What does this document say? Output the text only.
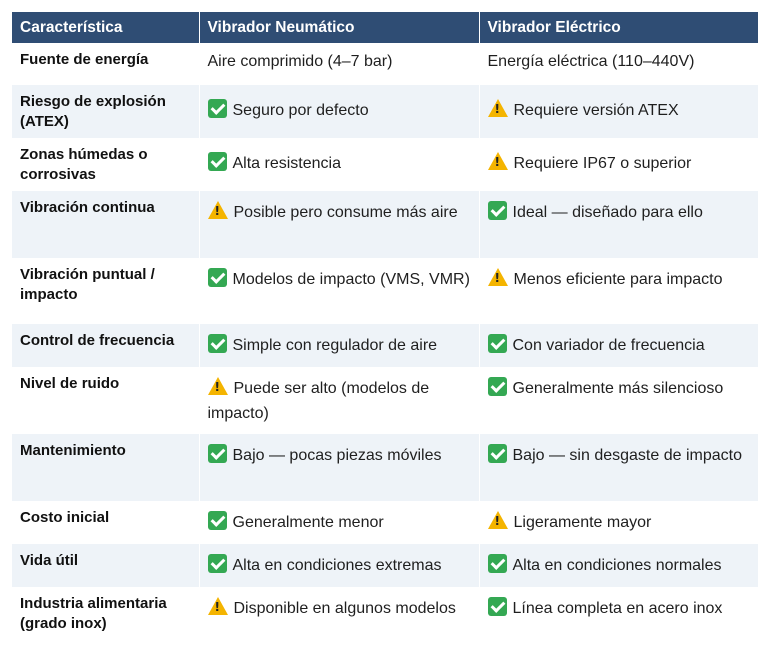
Característica	Vibrador Neumático	Vibrador Eléctrico
Fuente de energía	Aire comprimido (4–7 bar)	Energía eléctrica (110–440V)
Riesgo de explosión (ATEX)	Seguro por defecto	!Requiere versión ATEX
Zonas húmedas o corrosivas	Alta resistencia	!Requiere IP67 o superior
Vibración continua	!Posible pero consume más aire	Ideal — diseñado para ello
Vibración puntual / impacto	Modelos de impacto (VMS, VMR)	!Menos eficiente para impacto
Control de frecuencia	Simple con regulador de aire	Con variador de frecuencia
Nivel de ruido	!Puede ser alto (modelos de impacto)	Generalmente más silencioso
Mantenimiento	Bajo — pocas piezas móviles	Bajo — sin desgaste de impacto
Costo inicial	Generalmente menor	!Ligeramente mayor
Vida útil	Alta en condiciones extremas	Alta en condiciones normales
Industria alimentaria (grado inox)	!Disponible en algunos modelos	Línea completa en acero inox
